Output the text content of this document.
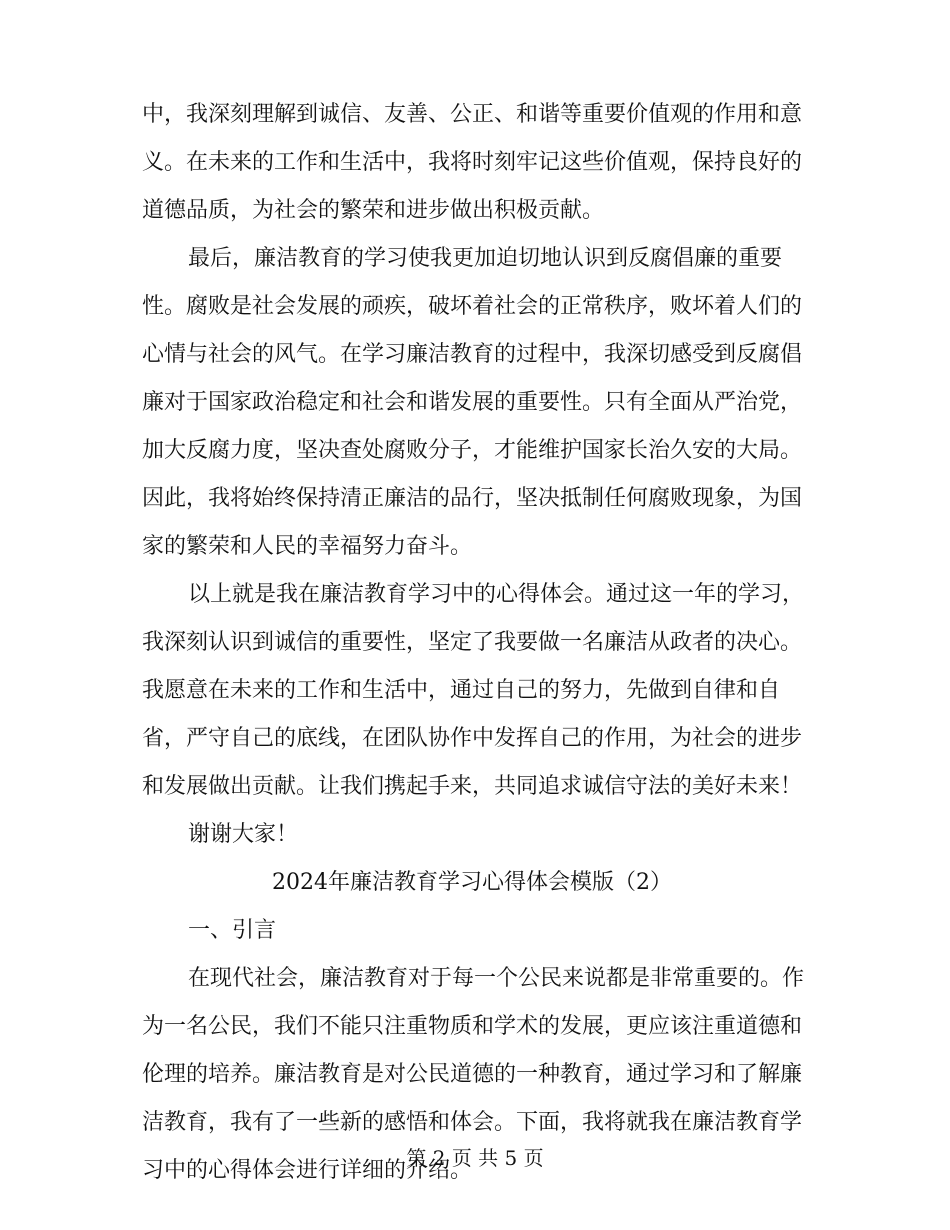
中，我深刻理解到诚信、友善、公正、和谐等重要价值观的作用和意
义。在未来的工作和生活中，我将时刻牢记这些价值观，保持良好的
道德品质，为社会的繁荣和进步做出积极贡献。
最后，廉洁教育的学习使我更加迫切地认识到反腐倡廉的重要
性。腐败是社会发展的顽疾，破坏着社会的正常秩序，败坏着人们的
心情与社会的风气。在学习廉洁教育的过程中，我深切感受到反腐倡
廉对于国家政治稳定和社会和谐发展的重要性。只有全面从严治党，
加大反腐力度，坚决查处腐败分子，才能维护国家长治久安的大局。
因此，我将始终保持清正廉洁的品行，坚决抵制任何腐败现象，为国
家的繁荣和人民的幸福努力奋斗。
以上就是我在廉洁教育学习中的心得体会。通过这一年的学习，
我深刻认识到诚信的重要性，坚定了我要做一名廉洁从政者的决心。
我愿意在未来的工作和生活中，通过自己的努力，先做到自律和自
省，严守自己的底线，在团队协作中发挥自己的作用，为社会的进步
和发展做出贡献。让我们携起手来，共同追求诚信守法的美好未来！
谢谢大家！
2024年廉洁教育学习心得体会模版（2）
一、引言
在现代社会，廉洁教育对于每一个公民来说都是非常重要的。作
为一名公民，我们不能只注重物质和学术的发展，更应该注重道德和
伦理的培养。廉洁教育是对公民道德的一种教育，通过学习和了解廉
洁教育，我有了一些新的感悟和体会。下面，我将就我在廉洁教育学
习中的心得体会进行详细的介绍。
第 2 页 共 5 页
